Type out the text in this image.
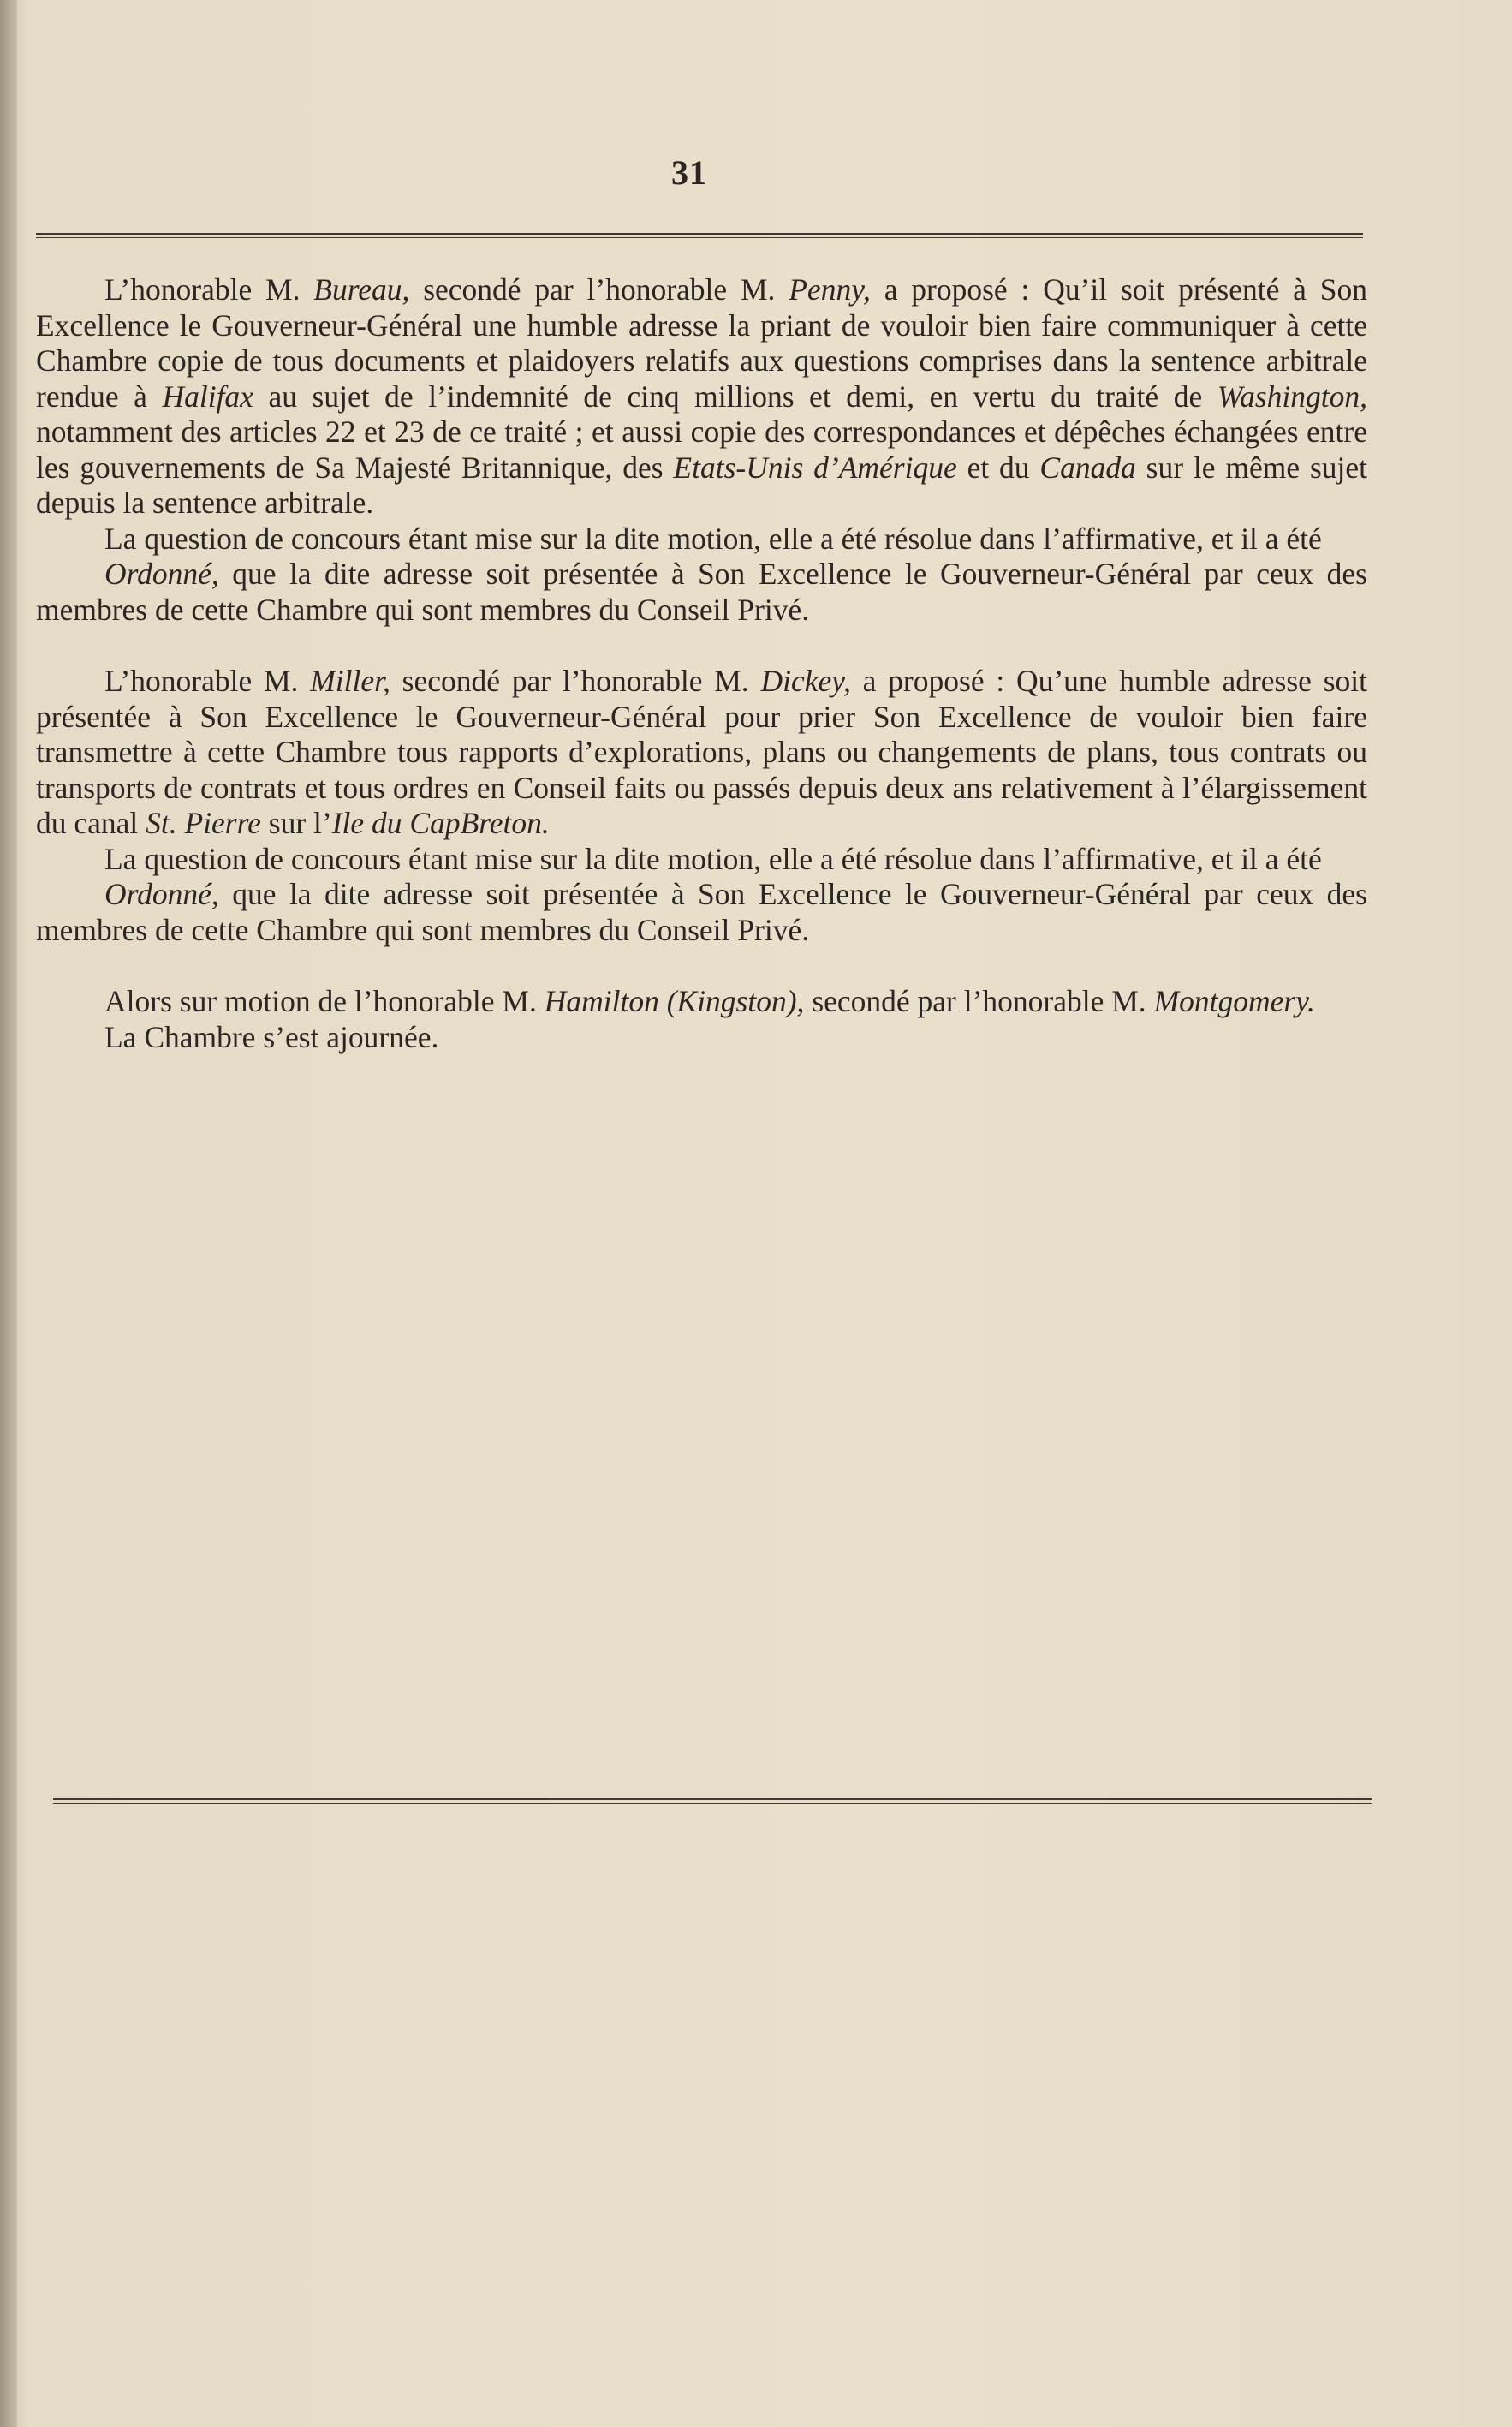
31

L’honorable M. Bureau, secondé par l’honorable M. Penny, a proposé : Qu’il soit présenté à Son Excellence le Gouverneur-Général une humble adresse la priant de vouloir bien faire communiquer à cette Chambre copie de tous documents et plaidoyers relatifs aux questions comprises dans la sentence arbitrale rendue à Halifax au sujet de l’indemnité de cinq millions et demi, en vertu du traité de Washington, notamment des articles 22 et 23 de ce traité ; et aussi copie des correspondances et dépêches échangées entre les gouvernements de Sa Majesté Britannique, des Etats-Unis d’Amérique et du Canada sur le même sujet depuis la sentence arbitrale.

La question de concours étant mise sur la dite motion, elle a été résolue dans l’affirmative, et il a été

Ordonné, que la dite adresse soit présentée à Son Excellence le Gouverneur-Général par ceux des membres de cette Chambre qui sont membres du Conseil Privé.

L’honorable M. Miller, secondé par l’honorable M. Dickey, a proposé : Qu’une humble adresse soit présentée à Son Excellence le Gouverneur-Général pour prier Son Excellence de vouloir bien faire transmettre à cette Chambre tous rapports d’explorations, plans ou changements de plans, tous contrats ou transports de contrats et tous ordres en Conseil faits ou passés depuis deux ans relativement à l’élargissement du canal St. Pierre sur l’Ile du CapBreton.

La question de concours étant mise sur la dite motion, elle a été résolue dans l’affirmative, et il a été

Ordonné, que la dite adresse soit présentée à Son Excellence le Gouverneur-Général par ceux des membres de cette Chambre qui sont membres du Conseil Privé.

Alors sur motion de l’honorable M. Hamilton (Kingston), secondé par l’honorable M. Montgomery.

La Chambre s’est ajournée.
